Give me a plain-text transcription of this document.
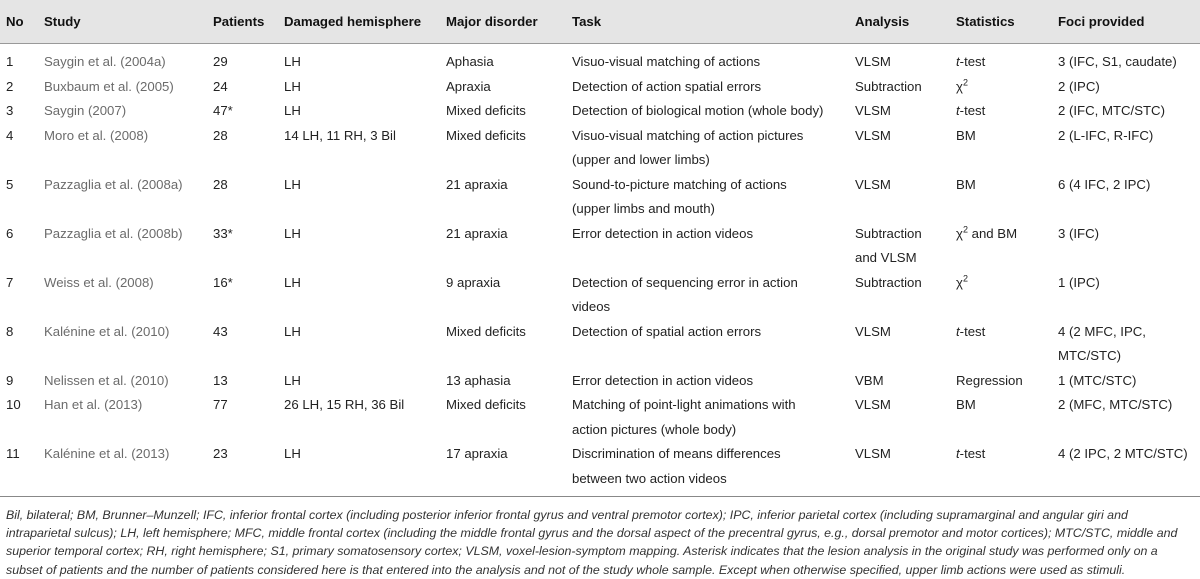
No	Study	Patients	Damaged hemisphere	Major disorder	Task	Analysis	Statistics	Foci provided
1	Saygin et al. (2004a)	29	LH	Aphasia	Visuo-visual matching of actions	VLSM	t-test	3 (IFC, S1, caudate)

2	Buxbaum et al. (2005)	24	LH	Apraxia	Detection of action spatial errors	Subtraction	$\chi^2$	2 (IPC)

3	Saygin (2007)	47*	LH	Mixed deficits	Detection of biological motion (whole body)	VLSM	t-test	2 (IFC, MTC/STC)

4	Moro et al. (2008)	28	14 LH, 11 RH, 3 Bil	Mixed deficits	Visuo-visual matching of action pictures
(upper and lower limbs)	VLSM	BM	2 (L-IFC, R-IFC)

5	Pazzaglia et al. (2008a)	28	LH	21 apraxia	Sound-to-picture matching of actions
(upper limbs and mouth)	VLSM	BM	6 (4 IFC, 2 IPC)

6	Pazzaglia et al. (2008b)	33*	LH	21 apraxia	Error detection in action videos	Subtraction
and VLSM	$\chi^2$ and BM	3 (IFC)

7	Weiss et al. (2008)	16*	LH	9 apraxia	Detection of sequencing error in action
videos	Subtraction	$\chi^2$	1 (IPC)

8	Kalénine et al. (2010)	43	LH	Mixed deficits	Detection of spatial action errors	VLSM	t-test	4 (2 MFC, IPC,
MTC/STC)

9	Nelissen et al. (2010)	13	LH	13 aphasia	Error detection in action videos	VBM	Regression	1 (MTC/STC)

10	Han et al. (2013)	77	26 LH, 15 RH, 36 Bil	Mixed deficits	Matching of point-light animations with
action pictures (whole body)	VLSM	BM	2 (MFC, MTC/STC)

11	Kalénine et al. (2013)	23	LH	17 apraxia	Discrimination of means differences
between two action videos	VLSM	t-test	4 (2 IPC, 2 MTC/STC)
Bil, bilateral; BM, Brunner–Munzell; IFC, inferior frontal cortex (including posterior inferior frontal gyrus and ventral premotor cortex); IPC, inferior parietal cortex (including supramarginal and angular giri and intraparietal sulcus); LH, left hemisphere; MFC, middle frontal cortex (including the middle frontal gyrus and the dorsal aspect of the precentral gyrus, e.g., dorsal premotor and motor cortices); MTC/STC, middle and superior temporal cortex; RH, right hemisphere; S1, primary somatosensory cortex; VLSM, voxel-lesion-symptom mapping. Asterisk indicates that the lesion analysis in the original study was performed only on a subset of patients and the number of patients considered here is that entered into the analysis and not of the study whole sample. Except when otherwise specified, upper limb actions were used as stimuli.
